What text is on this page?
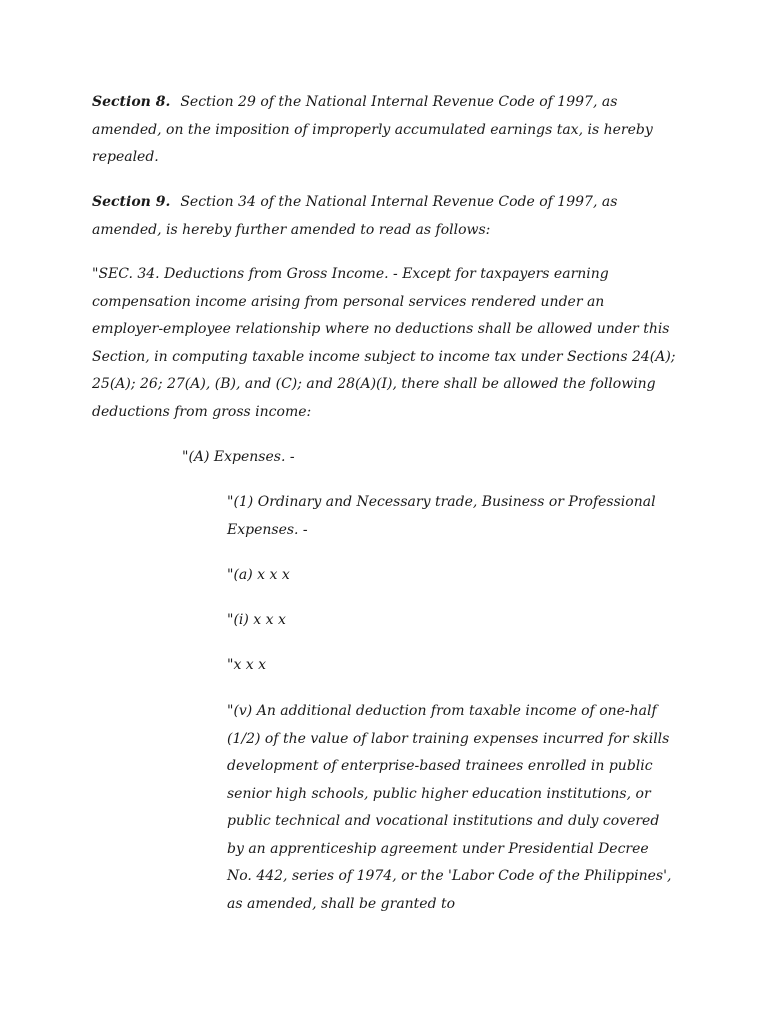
Section 8. Section 29 of the National Internal Revenue Code of 1997, as
amended, on the imposition of improperly accumulated earnings tax, is hereby
repealed.
Section 9. Section 34 of the National Internal Revenue Code of 1997, as
amended, is hereby further amended to read as follows:
"SEC. 34. Deductions from Gross Income. - Except for taxpayers earning
compensation income arising from personal services rendered under an
employer-employee relationship where no deductions shall be allowed under this
Section, in computing taxable income subject to income tax under Sections 24(A);
25(A); 26; 27(A), (B), and (C); and 28(A)(I), there shall be allowed the following
deductions from gross income:
"(A) Expenses. -
"(1) Ordinary and Necessary trade, Business or Professional
Expenses. -
"(a) x x x
"(i) x x x
"x x x
"(v) An additional deduction from taxable income of one-half
(1/2) of the value of labor training expenses incurred for skills
development of enterprise-based trainees enrolled in public
senior high schools, public higher education institutions, or
public technical and vocational institutions and duly covered
by an apprenticeship agreement under Presidential Decree
No. 442, series of 1974, or the 'Labor Code of the Philippines',
as amended, shall be granted to
